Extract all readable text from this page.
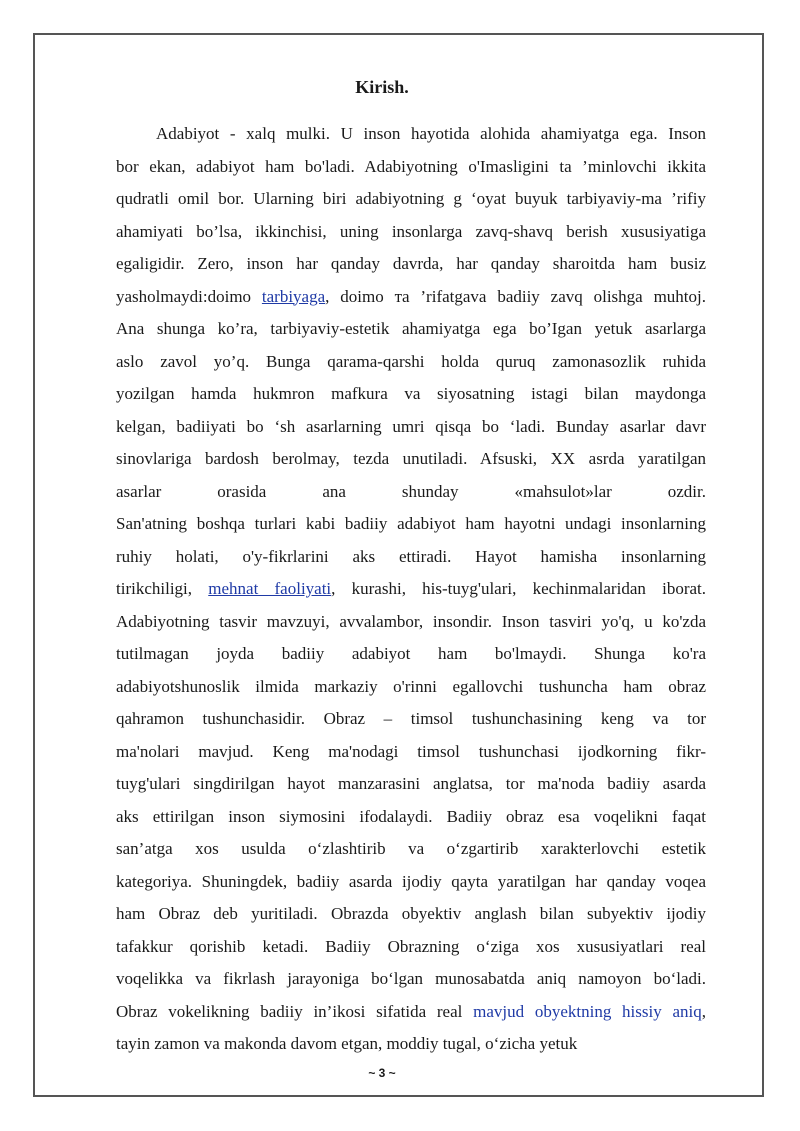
Kirish.
Adabiyot - xalq mulki. U inson hayotida alohida ahamiyatga ega. Inson
bor ekan, adabiyot ham bo'ladi. Adabiyotning o'Imasligini ta ’minlovchi ikkita
qudratli omil bor. Ularning biri adabiyotning g ‘oyat buyuk tarbiyaviy-ma ’rifiy
ahamiyati bo’lsa, ikkinchisi, uning insonlarga zavq-shavq berish xususiyatiga
egaligidir. Zero, inson har qanday davrda, har qanday sharoitda ham busiz
yasholmaydi:doimo tarbiyaga, doimo тa ’rifatgava badiiy zavq olishga muhtoj.
Ana shunga ko’ra, tarbiyaviy-estetik ahamiyatga ega bo’Igan yetuk asarlarga
aslo zavol yo’q. Bunga qarama-qarshi holda quruq zamonasozlik ruhida
yozilgan hamda hukmron mafkura va siyosatning istagi bilan maydonga
kelgan, badiiyati bo ‘sh asarlarning umri qisqa bo ‘ladi. Bunday asarlar davr
sinovlariga bardosh berolmay, tezda unutiladi. Afsuski, XX asrda yaratilgan
asarlar orasida ana shunday «mahsulot»lar ozdir.
San'atning boshqa turlari kabi badiiy adabiyot ham hayotni undagi insonlarning
ruhiy holati, o'y-fikrlarini aks ettiradi. Hayot hamisha insonlarning
tirikchiligi, mehnat faoliyati, kurashi, his-tuyg'ulari, kechinmalaridan iborat.
Adabiyotning tasvir mavzuyi, avvalambor, insondir. Inson tasviri yo'q, u ko'zda
tutilmagan joyda badiiy adabiyot ham bo'lmaydi. Shunga ko'ra
adabiyotshunoslik ilmida markaziy o'rinni egallovchi tushuncha ham obraz
qahramon tushunchasidir. Obraz – timsol tushunchasining keng va tor
ma'nolari mavjud. Keng ma'nodagi timsol tushunchasi ijodkorning fikr-
tuyg'ulari singdirilgan hayot manzarasini anglatsa, tor ma'noda badiiy asarda
aks ettirilgan inson siymosini ifodalaydi. Badiiy obraz esa voqelikni faqat
san’atga xos usulda o‘zlashtirib va o‘zgartirib xarakterlovchi estetik
kategoriya. Shuningdek, badiiy asarda ijodiy qayta yaratilgan har qanday voqea
ham Obraz deb yuritiladi. Obrazda obyektiv anglash bilan subyektiv ijodiy
tafakkur qorishib ketadi. Badiiy Obrazning o‘ziga xos xususiyatlari real
voqelikka va fikrlash jarayoniga bo‘lgan munosabatda aniq namoyon bo‘ladi.
Obraz vokelikning badiiy in’ikosi sifatida real mavjud obyektning hissiy aniq,
tayin zamon va makonda davom etgan, moddiy tugal, o‘zicha yetuk
~ 3 ~
